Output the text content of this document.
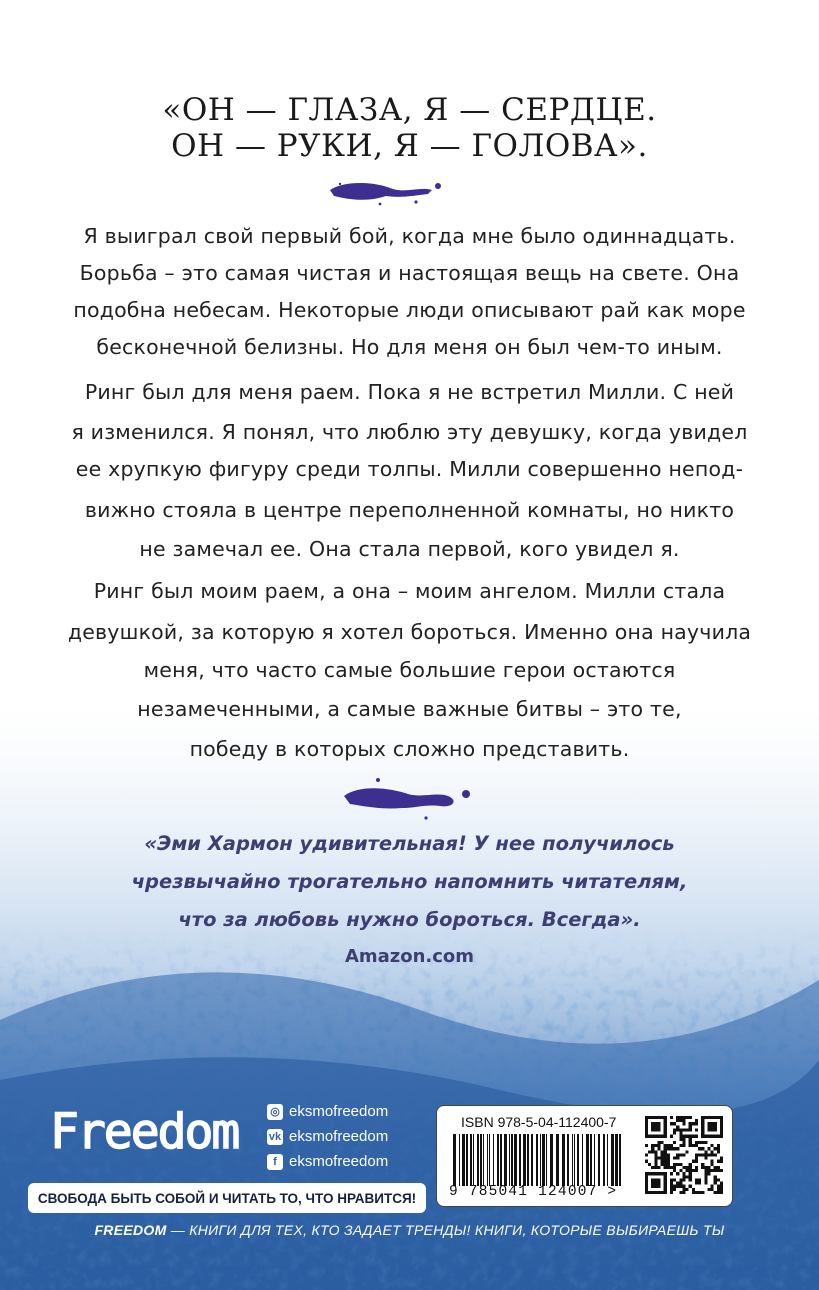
«ОН — ГЛАЗА, Я — СЕРДЦЕ.
ОН — РУКИ, Я — ГОЛОВА».
Я выиграл свой первый бой, когда мне было одиннадцать.
Борьба – это самая чистая и настоящая вещь на свете. Она
подобна небесам. Некоторые люди описывают рай как море
бесконечной белизны. Но для меня он был чем-то иным.
Ринг был для меня раем. Пока я не встретил Милли. С ней
я изменился. Я понял, что люблю эту девушку, когда увидел
ее хрупкую фигуру среди толпы. Милли совершенно непод-
вижно стояла в центре переполненной комнаты, но никто
не замечал ее. Она стала первой, кого увидел я.
Ринг был моим раем, а она – моим ангелом. Милли стала
девушкой, за которую я хотел бороться. Именно она научила
меня, что часто самые большие герои остаются
незамеченными, а самые важные битвы – это те,
победу в которых сложно представить.
«Эми Хармон удивительная! У нее получилось
чрезвычайно трогательно напомнить читателям,
что за любовь нужно бороться. Всегда».
Amazon.com
Freedom	◎ eksmofreedom
vk eksmofreedom
f eksmofreedom
СВОБОДА БЫТЬ СОБОЙ И ЧИТАТЬ ТО, ЧТО НРАВИТСЯ!
FREEDOM — КНИГИ ДЛЯ ТЕХ, КТО ЗАДАЕТ ТРЕНДЫ! КНИГИ, КОТОРЫЕ ВЫБИРАЕШЬ ТЫ
ISBN 978-5-04-112400-7
9 785041 124007 >
